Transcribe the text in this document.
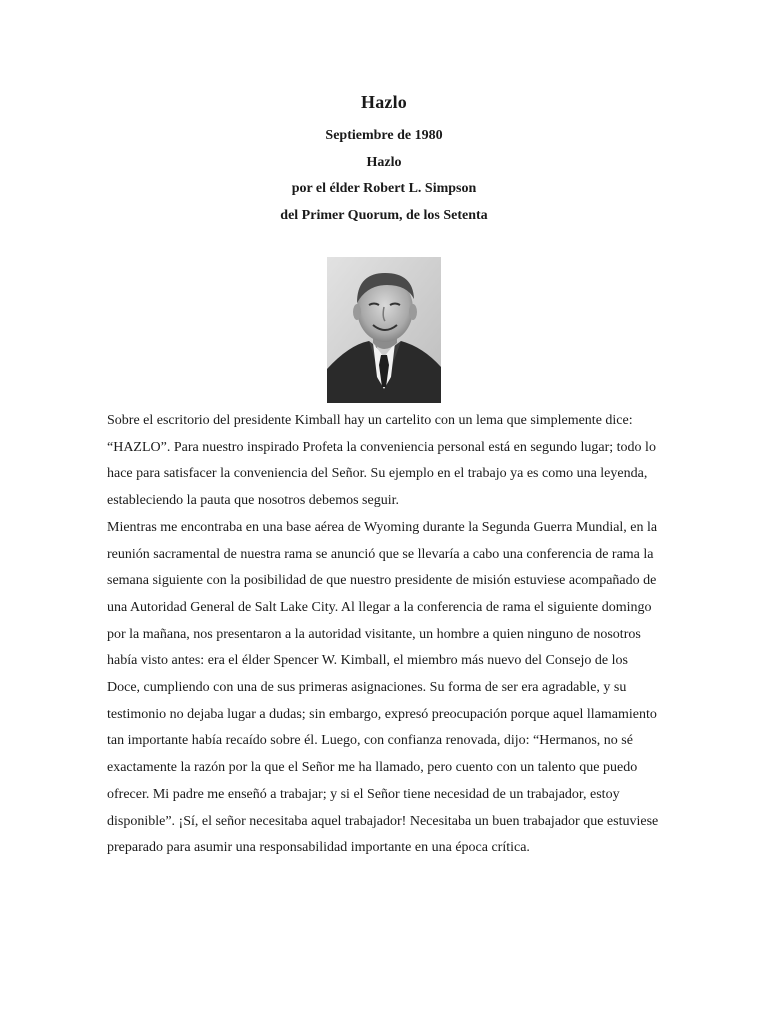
Hazlo
Septiembre de 1980
Hazlo
por el élder Robert L. Simpson
del Primer Quorum, de los Setenta

Sobre el escritorio del presidente Kimball hay un cartelito con un lema que simplemente dice: “HAZLO”. Para nuestro inspirado Profeta la conveniencia personal está en segundo lugar; todo lo hace para satisfacer la conveniencia del Señor. Su ejemplo en el trabajo ya es como una leyenda, estableciendo la pauta que nosotros debemos seguir.

Mientras me encontraba en una base aérea de Wyoming durante la Segunda Guerra Mundial, en la reunión sacramental de nuestra rama se anunció que se llevaría a cabo una conferencia de rama la semana siguiente con la posibilidad de que nuestro presidente de misión estuviese acompañado de una Autoridad General de Salt Lake City. Al llegar a la conferencia de rama el siguiente domingo por la mañana, nos presentaron a la autoridad visitante, un hombre a quien ninguno de nosotros había visto antes: era el élder Spencer W. Kimball, el miembro más nuevo del Consejo de los Doce, cumpliendo con una de sus primeras asignaciones. Su forma de ser era agradable, y su testimonio no dejaba lugar a dudas; sin embargo, expresó preocupación porque aquel llamamiento tan importante había recaído sobre él. Luego, con confianza renovada, dijo: “Hermanos, no sé exactamente la razón por la que el Señor me ha llamado, pero cuento con un talento que puedo ofrecer. Mi padre me enseñó a trabajar; y si el Señor tiene necesidad de un trabajador, estoy disponible”. ¡Sí, el señor necesitaba aquel trabajador! Necesitaba un buen trabajador que estuviese preparado para asumir una responsabilidad importante en una época crítica.
